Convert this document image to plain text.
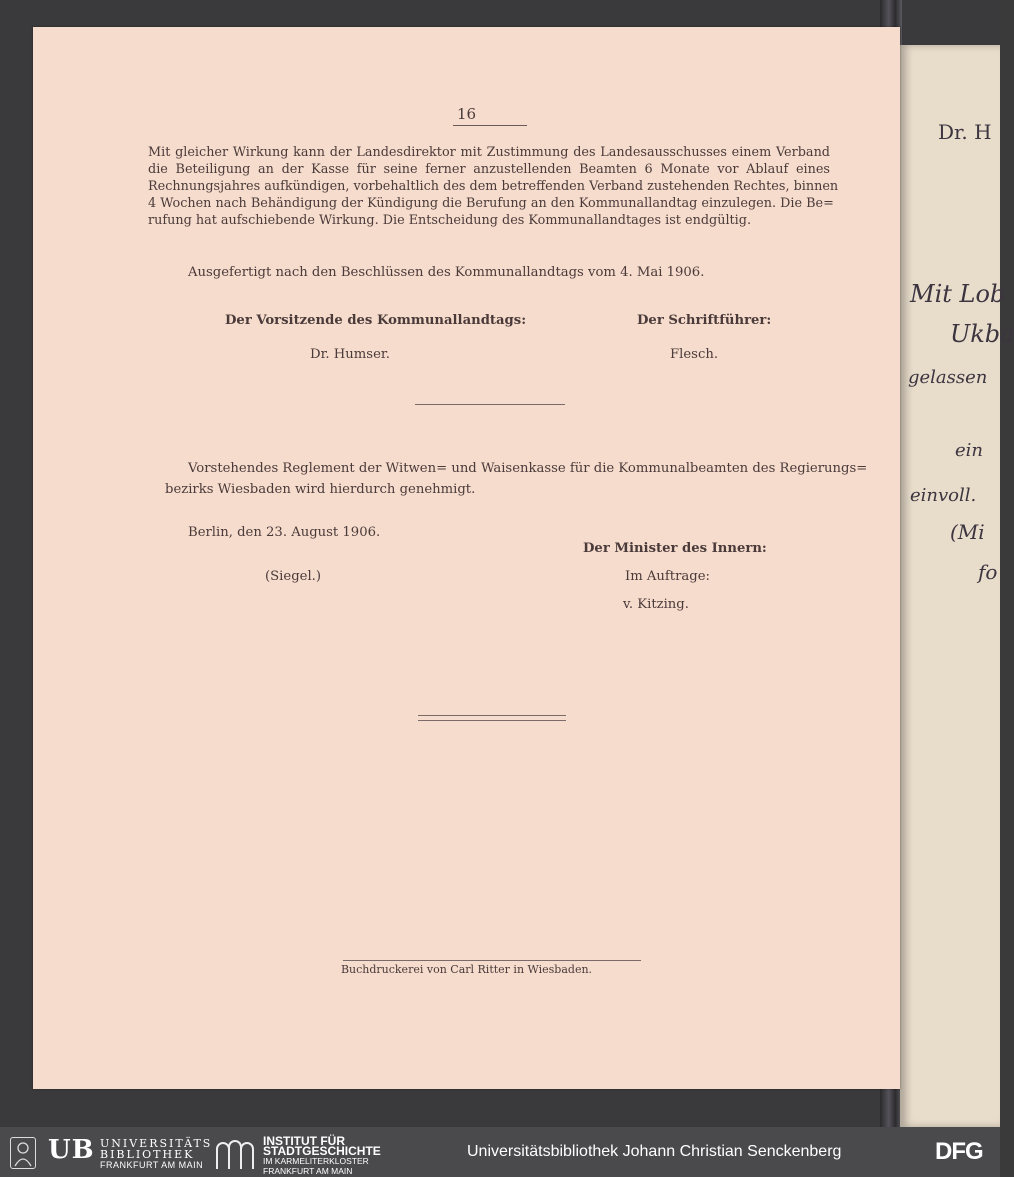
Dr. H
Mit Lob
Ukba
gelassen
ein
einvoll.
(Mi
fo
16
Mit gleicher Wirkung kann der Landesdirektor mit Zustimmung des Landesausschusses einem Verband
die Beteiligung an der Kasse für seine ferner anzustellenden Beamten 6 Monate vor Ablauf eines
Rechnungsjahres aufkündigen, vorbehaltlich des dem betreffenden Verband zustehenden Rechtes, binnen
4 Wochen nach Behändigung der Kündigung die Berufung an den Kommunallandtag einzulegen. Die Be=
rufung hat aufschiebende Wirkung. Die Entscheidung des Kommunallandtages ist endgültig.
Ausgefertigt nach den Beschlüssen des Kommunallandtags vom 4. Mai 1906.
Der Vorsitzende des Kommunallandtags:	Der Schriftführer:
Dr. Humser.	Flesch.
Vorstehendes Reglement der Witwen= und Waisenkasse für die Kommunalbeamten des Regierungs=
bezirks Wiesbaden wird hierdurch genehmigt.
Berlin, den 23. August 1906.
Der Minister des Innern:
(Siegel.)	Im Auftrage:
v. Kitzing.
Buchdruckerei von Carl Ritter in Wiesbaden.
UB UNIVERSITÄTS
BIBLIOTHEK
FRANKFURT AM MAIN
INSTITUT FÜR
STADTGESCHICHTE
IM KARMELITERKLOSTER
FRANKFURT AM MAIN
Universitätsbibliothek Johann Christian Senckenberg	DFG
